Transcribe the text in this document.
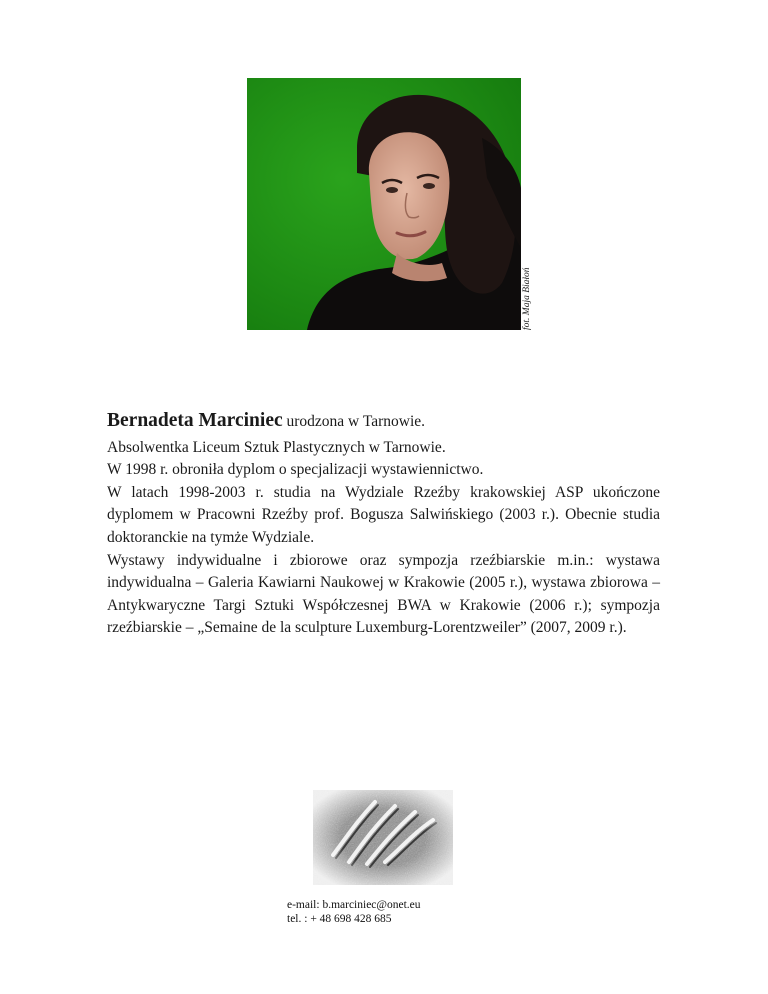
fot. Maja Białoń

Bernadeta Marciniec urodzona w Tarnowie.

Absolwentka Liceum Sztuk Plastycznych w Tarnowie.

W 1998 r. obroniła dyplom o specjalizacji wystawiennictwo.

W latach 1998-2003 r. studia na Wydziale Rzeźby krakowskiej ASP ukończone dyplomem w Pracowni Rzeźby prof. Bogusza Salwińskiego (2003 r.). Obecnie studia doktoranckie na tymże Wydziale.

Wystawy indywidualne i zbiorowe oraz sympozja rzeźbiarskie m.in.: wystawa indywidualna – Galeria Kawiarni Naukowej w Krakowie (2005 r.), wystawa zbiorowa – Antykwaryczne Targi Sztuki Współczesnej BWA w Krakowie (2006 r.); sympozja rzeźbiarskie – „Semaine de la sculpture Luxemburg-Lorentzweiler” (2007, 2009 r.).

e-mail: b.marciniec@onet.eu
tel. : + 48 698 428 685
